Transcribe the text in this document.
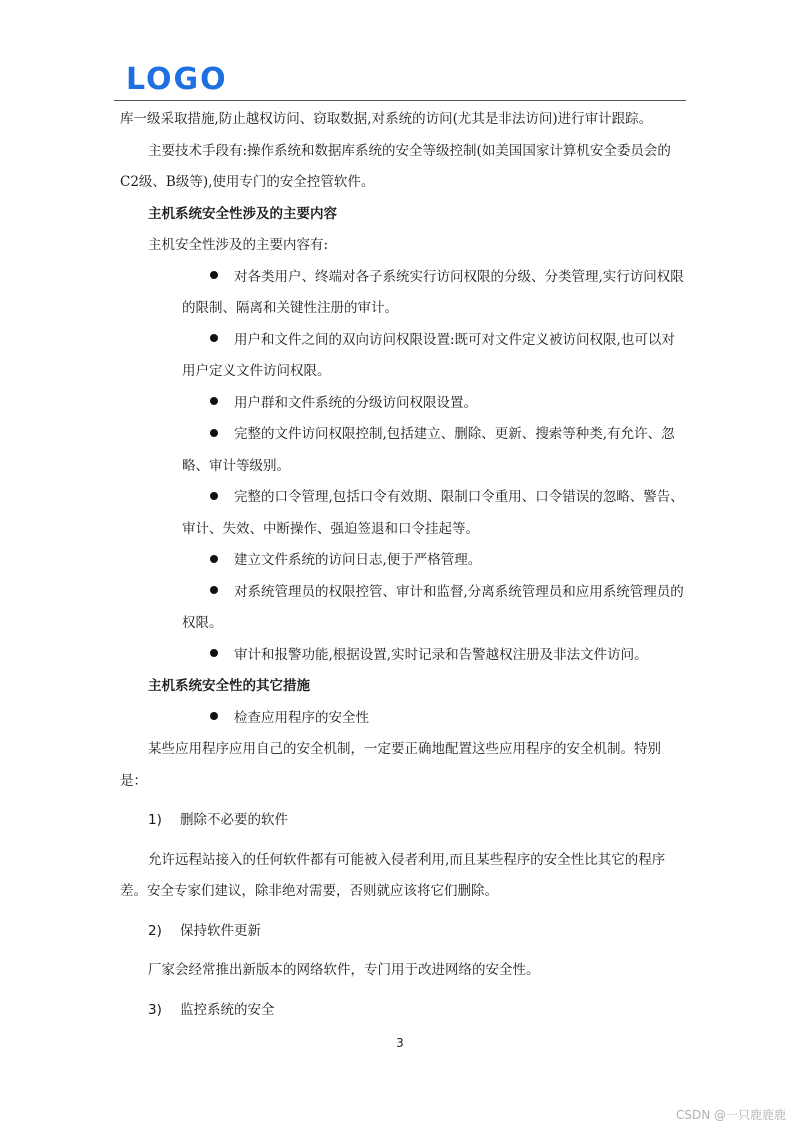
LOGO

库一级采取措施,防止越权访问、窃取数据,对系统的访问(尤其是非法访问)进行审计跟踪。

主要技术手段有:操作系统和数据库系统的安全等级控制(如美国国家计算机安全委员会的C2级、B级等),使用专门的安全控管软件。

主机系统安全性涉及的主要内容

主机安全性涉及的主要内容有:

对各类用户、终端对各子系统实行访问权限的分级、分类管理,实行访问权限的限制、隔离和关键性注册的审计。

用户和文件之间的双向访问权限设置:既可对文件定义被访问权限,也可以对用户定义文件访问权限。

用户群和文件系统的分级访问权限设置。

完整的文件访问权限控制,包括建立、删除、更新、搜索等种类,有允许、忽略、审计等级别。

完整的口令管理,包括口令有效期、限制口令重用、口令错误的忽略、警告、审计、失效、中断操作、强迫签退和口令挂起等。

建立文件系统的访问日志,便于严格管理。

对系统管理员的权限控管、审计和监督,分离系统管理员和应用系统管理员的权限。

审计和报警功能,根据设置,实时记录和告警越权注册及非法文件访问。

主机系统安全性的其它措施

检查应用程序的安全性

某些应用程序应用自己的安全机制，一定要正确地配置这些应用程序的安全机制。特别是：

1) 删除不必要的软件

允许远程站接入的任何软件都有可能被入侵者利用,而且某些程序的安全性比其它的程序差。安全专家们建议，除非绝对需要，否则就应该将它们删除。

2) 保持软件更新

厂家会经常推出新版本的网络软件，专门用于改进网络的安全性。

3) 监控系统的安全

3
CSDN @一只鹿鹿鹿
